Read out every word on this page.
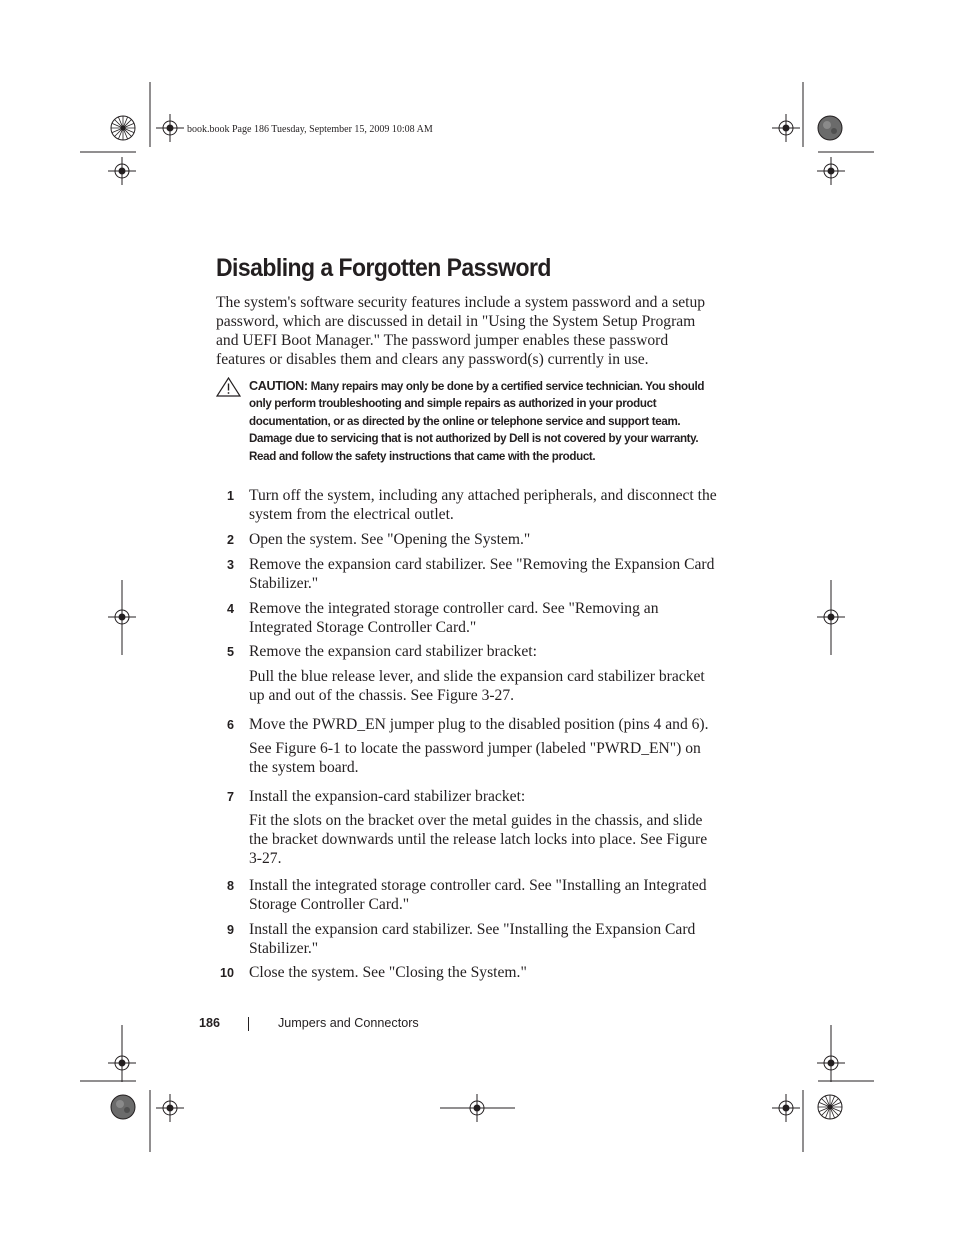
book.book Page 186 Tuesday, September 15, 2009 10:08 AM
Disabling a Forgotten Password

The system's software security features include a system password and a setup password, which are discussed in detail in "Using the System Setup Program and UEFI Boot Manager." The password jumper enables these password features or disables them and clears any password(s) currently in use.

CAUTION: Many repairs may only be done by a certified service technician. You should only perform troubleshooting and simple repairs as authorized in your product documentation, or as directed by the online or telephone service and support team. Damage due to servicing that is not authorized by Dell is not covered by your warranty. Read and follow the safety instructions that came with the product.

1 Turn off the system, including any attached peripherals, and disconnect the system from the electrical outlet.

2 Open the system. See "Opening the System."

3 Remove the expansion card stabilizer. See "Removing the Expansion Card Stabilizer."

4 Remove the integrated storage controller card. See "Removing an Integrated Storage Controller Card."

5 Remove the expansion card stabilizer bracket:

Pull the blue release lever, and slide the expansion card stabilizer bracket up and out of the chassis. See Figure 3-27.

6 Move the PWRD_EN jumper plug to the disabled position (pins 4 and 6).

See Figure 6-1 to locate the password jumper (labeled "PWRD_EN") on the system board.

7 Install the expansion-card stabilizer bracket:

Fit the slots on the bracket over the metal guides in the chassis, and slide the bracket downwards until the release latch locks into place. See Figure 3-27.

8 Install the integrated storage controller card. See "Installing an Integrated Storage Controller Card."

9 Install the expansion card stabilizer. See "Installing the Expansion Card Stabilizer."

10 Close the system. See "Closing the System."

186	Jumpers and Connectors
